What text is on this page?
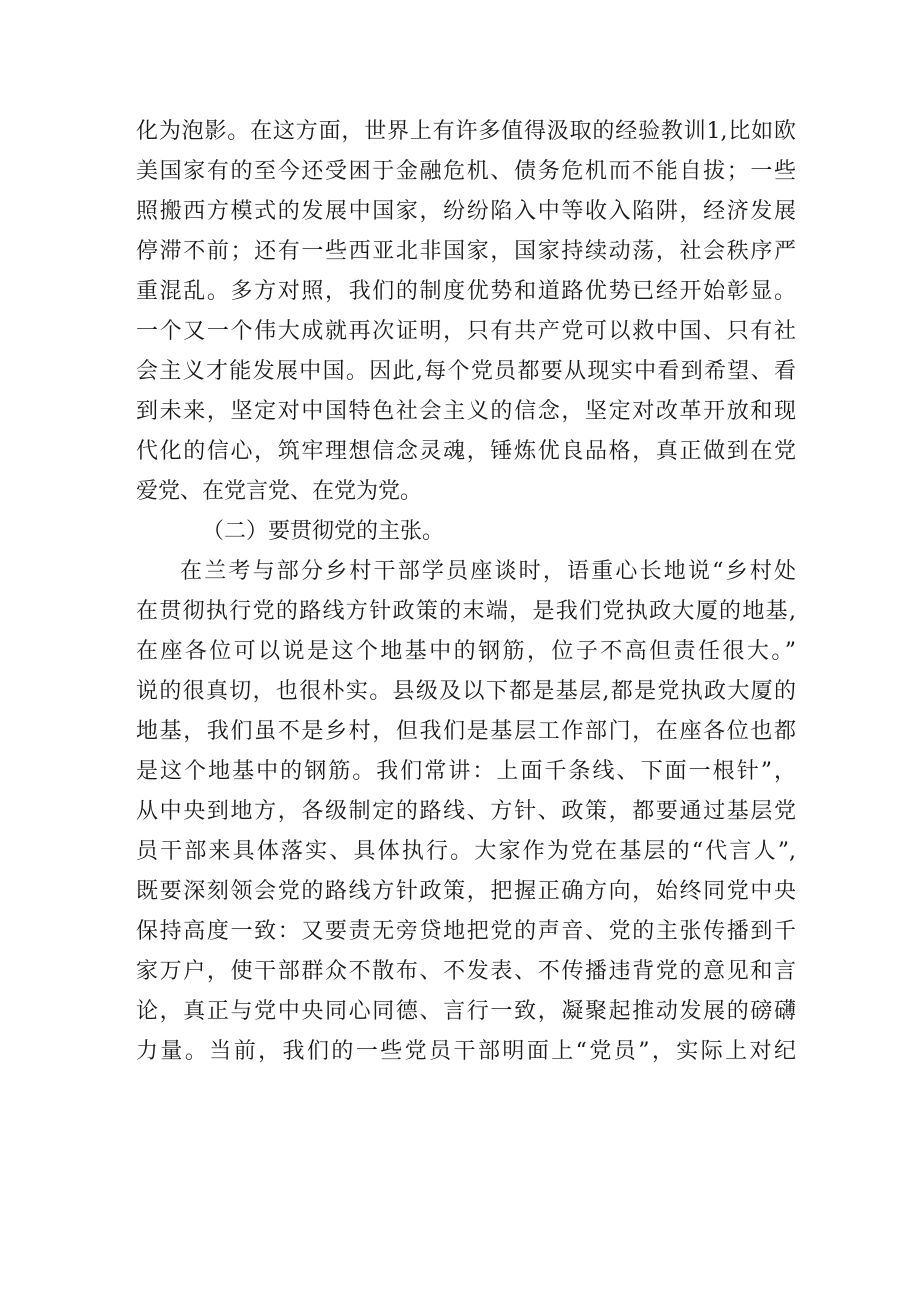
化为泡影。在这方面，世界上有许多值得汲取的经验教训1,比如欧
美国家有的至今还受困于金融危机、债务危机而不能自拔；一些
照搬西方模式的发展中国家，纷纷陷入中等收入陷阱，经济发展
停滞不前；还有一些西亚北非国家，国家持续动荡，社会秩序严
重混乱。多方对照，我们的制度优势和道路优势已经开始彰显。
一个又一个伟大成就再次证明，只有共产党可以救中国、只有社
会主义才能发展中国。因此,每个党员都要从现实中看到希望、看
到未来，坚定对中国特色社会主义的信念，坚定对改革开放和现
代化的信心，筑牢理想信念灵魂，锤炼优良品格，真正做到在党
爱党、在党言党、在党为党。
（二）要贯彻党的主张。
在兰考与部分乡村干部学员座谈时，语重心长地说“乡村处
在贯彻执行党的路线方针政策的末端，是我们党执政大厦的地基,
在座各位可以说是这个地基中的钢筋，位子不高但责任很大。”
说的很真切，也很朴实。县级及以下都是基层,都是党执政大厦的
地基，我们虽不是乡村，但我们是基层工作部门，在座各位也都
是这个地基中的钢筋。我们常讲：上面千条线、下面一根针”，
从中央到地方，各级制定的路线、方针、政策，都要通过基层党
员干部来具体落实、具体执行。大家作为党在基层的“代言人”,
既要深刻领会党的路线方针政策，把握正确方向，始终同党中央
保持高度一致：又要责无旁贷地把党的声音、党的主张传播到千
家万户，使干部群众不散布、不发表、不传播违背党的意见和言
论，真正与党中央同心同德、言行一致，凝聚起推动发展的磅礴
力量。当前，我们的一些党员干部明面上“党员”，实际上对纪
